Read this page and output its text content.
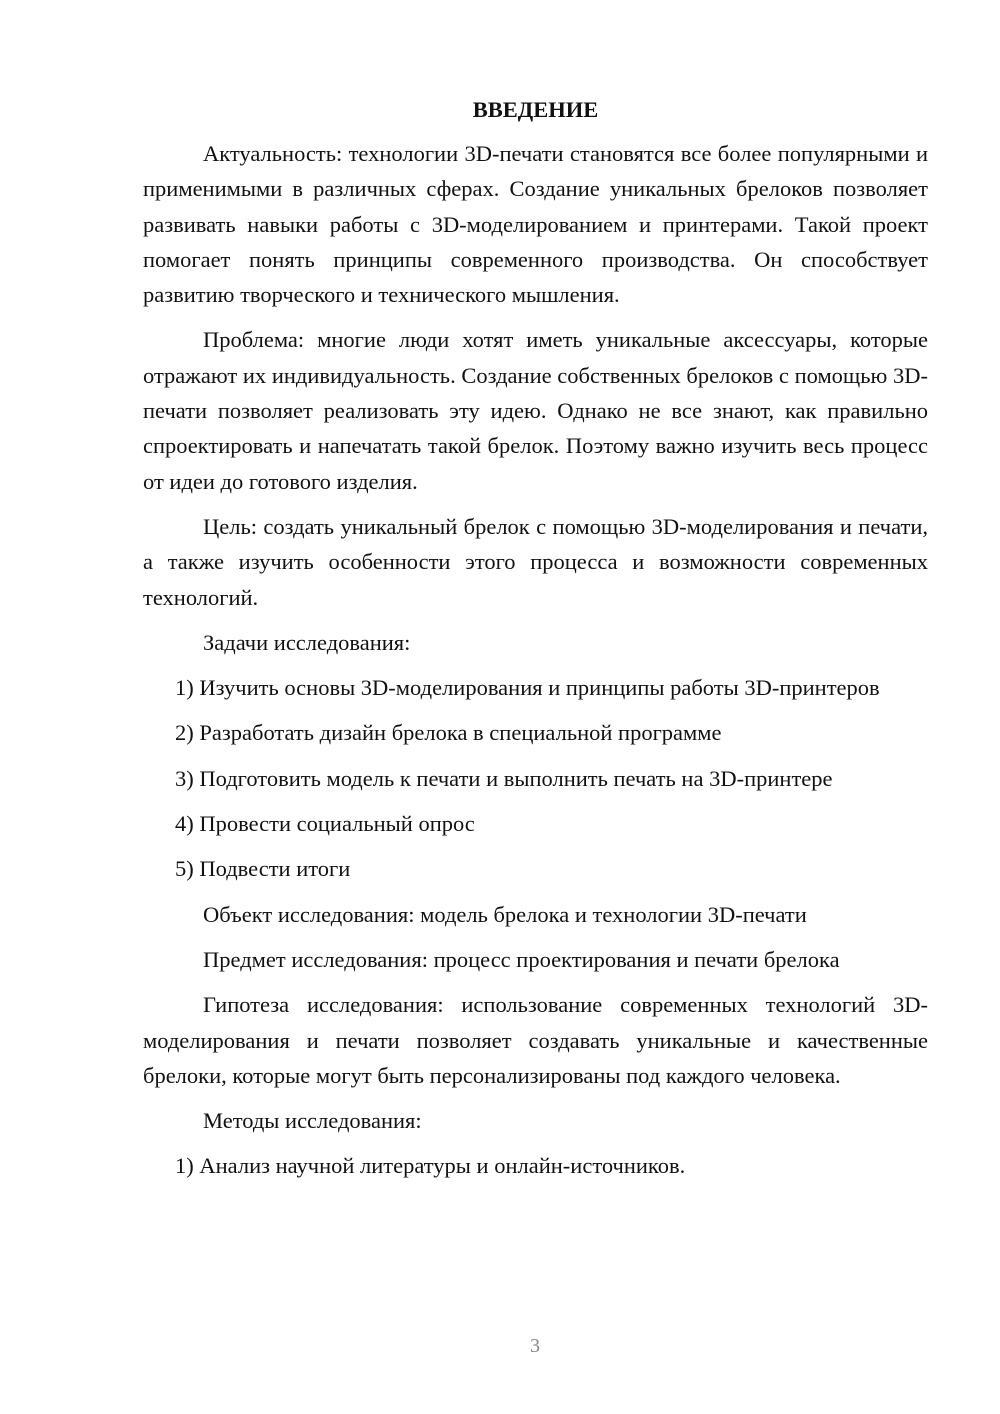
ВВЕДЕНИЕ

Актуальность: технологии 3D-печати становятся все более популярными и применимыми в различных сферах. Создание уникальных брелоков позволяет развивать навыки работы с 3D-моделированием и принтерами. Такой проект помогает понять принципы современного производства. Он способствует развитию творческого и технического мышления.

Проблема: многие люди хотят иметь уникальные аксессуары, которые отражают их индивидуальность. Создание собственных брелоков с помощью 3D-печати позволяет реализовать эту идею. Однако не все знают, как правильно спроектировать и напечатать такой брелок. Поэтому важно изучить весь процесс от идеи до готового изделия.

Цель: создать уникальный брелок с помощью 3D-моделирования и печати, а также изучить особенности этого процесса и возможности современных технологий.

Задачи исследования:

1) Изучить основы 3D-моделирования и принципы работы 3D-принтеров

2) Разработать дизайн брелока в специальной программе

3) Подготовить модель к печати и выполнить печать на 3D-принтере

4) Провести социальный опрос

5) Подвести итоги

Объект исследования: модель брелока и технологии 3D-печати

Предмет исследования: процесс проектирования и печати брелока

Гипотеза исследования: использование современных технологий 3D-моделирования и печати позволяет создавать уникальные и качественные брелоки, которые могут быть персонализированы под каждого человека.

Методы исследования:

1) Анализ научной литературы и онлайн-источников.

3
